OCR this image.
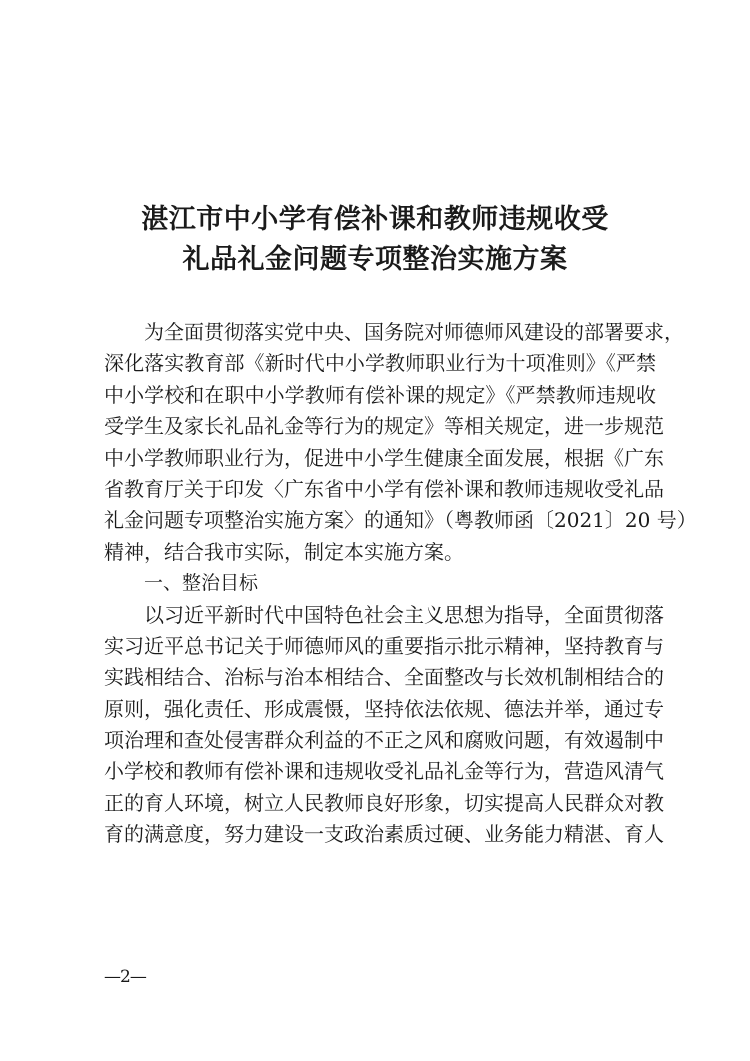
湛江市中小学有偿补课和教师违规收受
礼品礼金问题专项整治实施方案
为全面贯彻落实党中央、国务院对师德师风建设的部署要求，
深化落实教育部《新时代中小学教师职业行为十项准则》《严禁
中小学校和在职中小学教师有偿补课的规定》《严禁教师违规收
受学生及家长礼品礼金等行为的规定》等相关规定，进一步规范
中小学教师职业行为，促进中小学生健康全面发展，根据《广东
省教育厅关于印发〈广东省中小学有偿补课和教师违规收受礼品
礼金问题专项整治实施方案〉的通知》（粤教师函〔2021〕20 号）
精神，结合我市实际，制定本实施方案。
一、整治目标
以习近平新时代中国特色社会主义思想为指导，全面贯彻落
实习近平总书记关于师德师风的重要指示批示精神，坚持教育与
实践相结合、治标与治本相结合、全面整改与长效机制相结合的
原则，强化责任、形成震慑，坚持依法依规、德法并举，通过专
项治理和查处侵害群众利益的不正之风和腐败问题，有效遏制中
小学校和教师有偿补课和违规收受礼品礼金等行为，营造风清气
正的育人环境，树立人民教师良好形象，切实提高人民群众对教
育的满意度，努力建设一支政治素质过硬、业务能力精湛、育人
—2—
